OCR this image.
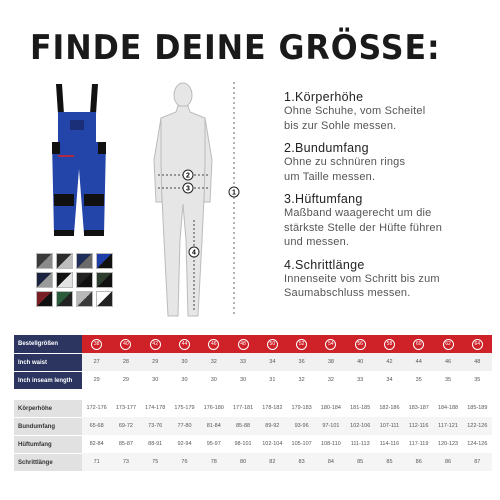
FINDE DEINE GRÖSSE:
2
3
4
1
1.Körperhöhe

Ohne Schuhe, vom Scheitel
bis zur Sohle messen.

2.Bundumfang

Ohne zu schnüren rings
um Taille messen.

3.Hüftumfang

Maßband waagerecht um die
stärkste Stelle der Hüfte führen
und messen.

4.Schrittlänge

Innenseite vom Schritt bis zum
Saumabschluss messen.

Bestellgrößen	38	40	42	44	46	48	50	52	54	56	58	60	62	64
Inch waist	27	28	29	30	32	33	34	36	38	40	42	44	46	48
Inch inseam length	29	29	30	30	30	30	31	32	32	33	34	35	35	35
Körperhöhe	172-176	173-177	174-178	175-179	176-180	177-181	178-182	179-183	180-184	181-185	182-186	183-187	184-188	185-189
Bundumfang	65-68	69-72	73-76	77-80	81-84	85-88	89-92	93-96	97-101	102-106	107-111	112-116	117-121	122-126
Hüftumfang	82-84	85-87	88-91	92-94	95-97	98-101	102-104	105-107	108-110	111-113	114-116	117-119	120-123	124-126
Schrittlänge	71	73	75	76	78	80	82	83	84	85	85	86	86	87
